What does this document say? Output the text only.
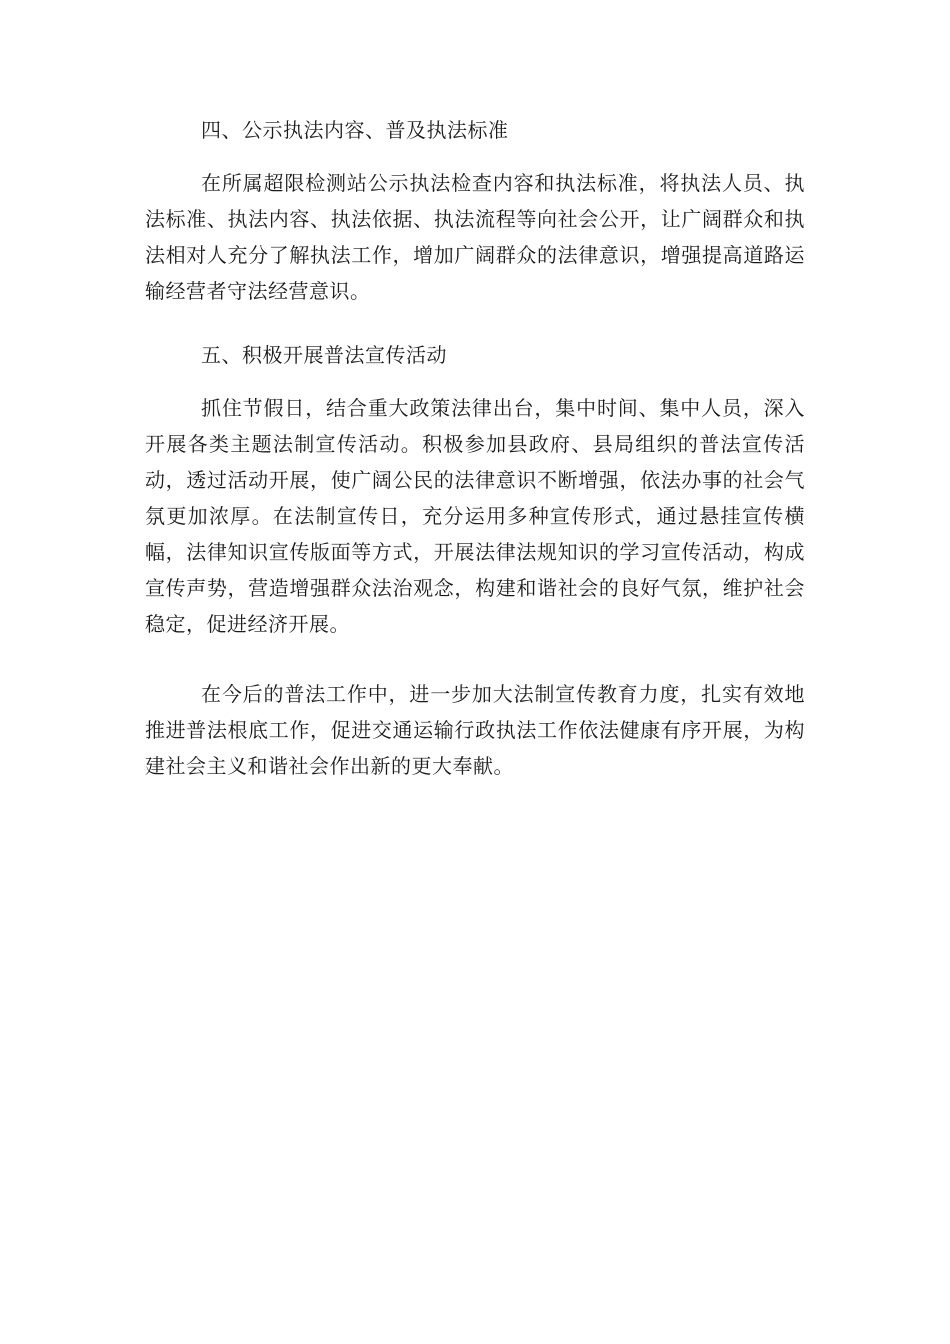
四、公示执法内容、普及执法标准
在所属超限检测站公示执法检查内容和执法标准，将执法人员、执法标准、执法内容、执法依据、执法流程等向社会公开，让广阔群众和执法相对人充分了解执法工作，增加广阔群众的法律意识，增强提高道路运输经营者守法经营意识。
五、积极开展普法宣传活动
抓住节假日，结合重大政策法律出台，集中时间、集中人员，深入开展各类主题法制宣传活动。积极参加县政府、县局组织的普法宣传活动，透过活动开展，使广阔公民的法律意识不断增强，依法办事的社会气氛更加浓厚。在法制宣传日，充分运用多种宣传形式，通过悬挂宣传横幅，法律知识宣传版面等方式，开展法律法规知识的学习宣传活动，构成宣传声势，营造增强群众法治观念，构建和谐社会的良好气氛，维护社会稳定，促进经济开展。
在今后的普法工作中，进一步加大法制宣传教育力度，扎实有效地推进普法根底工作，促进交通运输行政执法工作依法健康有序开展，为构建社会主义和谐社会作出新的更大奉献。
